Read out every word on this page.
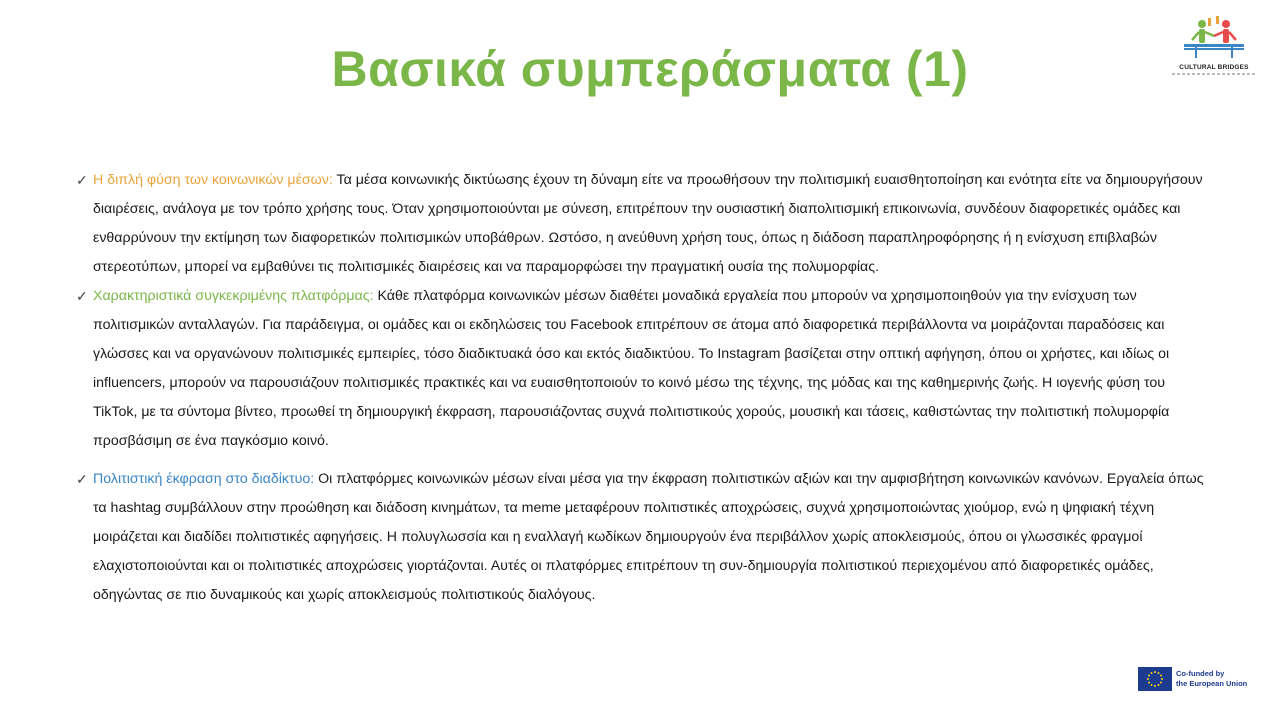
Βασικά συμπεράσματα (1)	CULTURAL BRIDGES

✓ Η διπλή φύση των κοινωνικών μέσων: Τα μέσα κοινωνικής δικτύωσης έχουν τη δύναμη είτε να προωθήσουν την πολιτισμική ευαισθητοποίηση και ενότητα είτε να δημιουργήσουν διαιρέσεις, ανάλογα με τον τρόπο χρήσης τους. Όταν χρησιμοποιούνται με σύνεση, επιτρέπουν την ουσιαστική διαπολιτισμική επικοινωνία, συνδέουν διαφορετικές ομάδες και ενθαρρύνουν την εκτίμηση των διαφορετικών πολιτισμικών υποβάθρων. Ωστόσο, η ανεύθυνη χρήση τους, όπως η διάδοση παραπληροφόρησης ή η ενίσχυση επιβλαβών στερεοτύπων, μπορεί να εμβαθύνει τις πολιτισμικές διαιρέσεις και να παραμορφώσει την πραγματική ουσία της πολυμορφίας.

✓ Χαρακτηριστικά συγκεκριμένης πλατφόρμας: Κάθε πλατφόρμα κοινωνικών μέσων διαθέτει μοναδικά εργαλεία που μπορούν να χρησιμοποιηθούν για την ενίσχυση των πολιτισμικών ανταλλαγών. Για παράδειγμα, οι ομάδες και οι εκδηλώσεις του Facebook επιτρέπουν σε άτομα από διαφορετικά περιβάλλοντα να μοιράζονται παραδόσεις και γλώσσες και να οργανώνουν πολιτισμικές εμπειρίες, τόσο διαδικτυακά όσο και εκτός διαδικτύου. Το Instagram βασίζεται στην οπτική αφήγηση, όπου οι χρήστες, και ιδίως οι influencers, μπορούν να παρουσιάζουν πολιτισμικές πρακτικές και να ευαισθητοποιούν το κοινό μέσω της τέχνης, της μόδας και της καθημερινής ζωής. Η ιογενής φύση του TikTok, με τα σύντομα βίντεο, προωθεί τη δημιουργική έκφραση, παρουσιάζοντας συχνά πολιτιστικούς χορούς, μουσική και τάσεις, καθιστώντας την πολιτιστική πολυμορφία προσβάσιμη σε ένα παγκόσμιο κοινό.

✓ Πολιτιστική έκφραση στο διαδίκτυο: Οι πλατφόρμες κοινωνικών μέσων είναι μέσα για την έκφραση πολιτιστικών αξιών και την αμφισβήτηση κοινωνικών κανόνων. Εργαλεία όπως τα hashtag συμβάλλουν στην προώθηση και διάδοση κινημάτων, τα meme μεταφέρουν πολιτιστικές αποχρώσεις, συχνά χρησιμοποιώντας χιούμορ, ενώ η ψηφιακή τέχνη μοιράζεται και διαδίδει πολιτιστικές αφηγήσεις. Η πολυγλωσσία και η εναλλαγή κωδίκων δημιουργούν ένα περιβάλλον χωρίς αποκλεισμούς, όπου οι γλωσσικές φραγμοί ελαχιστοποιούνται και οι πολιτιστικές αποχρώσεις γιορτάζονται. Αυτές οι πλατφόρμες επιτρέπουν τη συν-δημιουργία πολιτιστικού περιεχομένου από διαφορετικές ομάδες, οδηγώντας σε πιο δυναμικούς και χωρίς αποκλεισμούς πολιτιστικούς διαλόγους.

Co-funded by
the European Union
